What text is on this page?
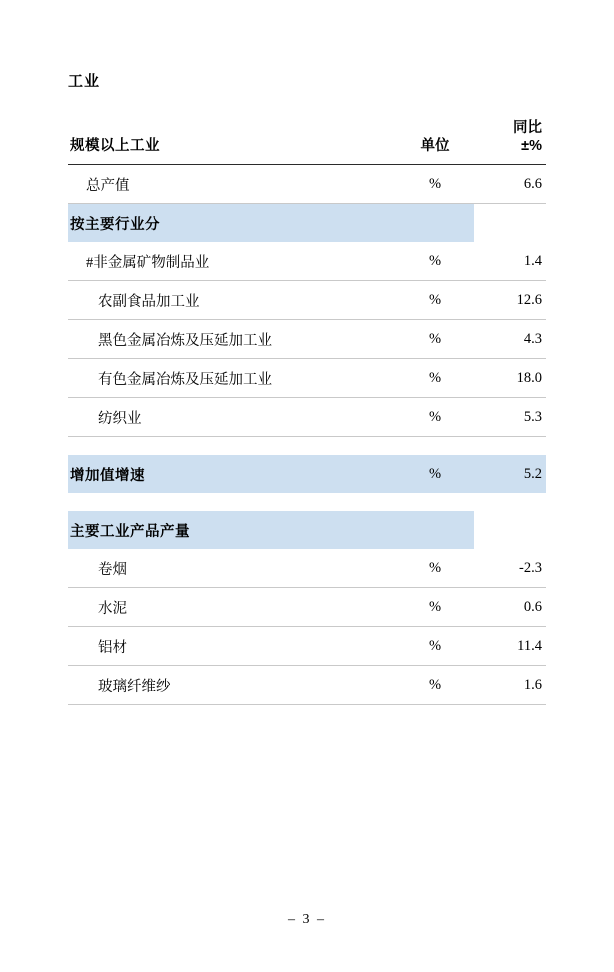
工业
规模以上工业	单位	同比
±%

总产值	%	6.6
按主要行业分		
#非金属矿物制品业	%	1.4
农副食品加工业	%	12.6
黑色金属冶炼及压延加工业	%	4.3
有色金属冶炼及压延加工业	%	18.0
纺织业	%	5.3

增加值增速	%	5.2

主要工业产品产量		
卷烟	%	-2.3
水泥	%	0.6
铝材	%	11.4
玻璃纤维纱	%	1.6
– 3 –
